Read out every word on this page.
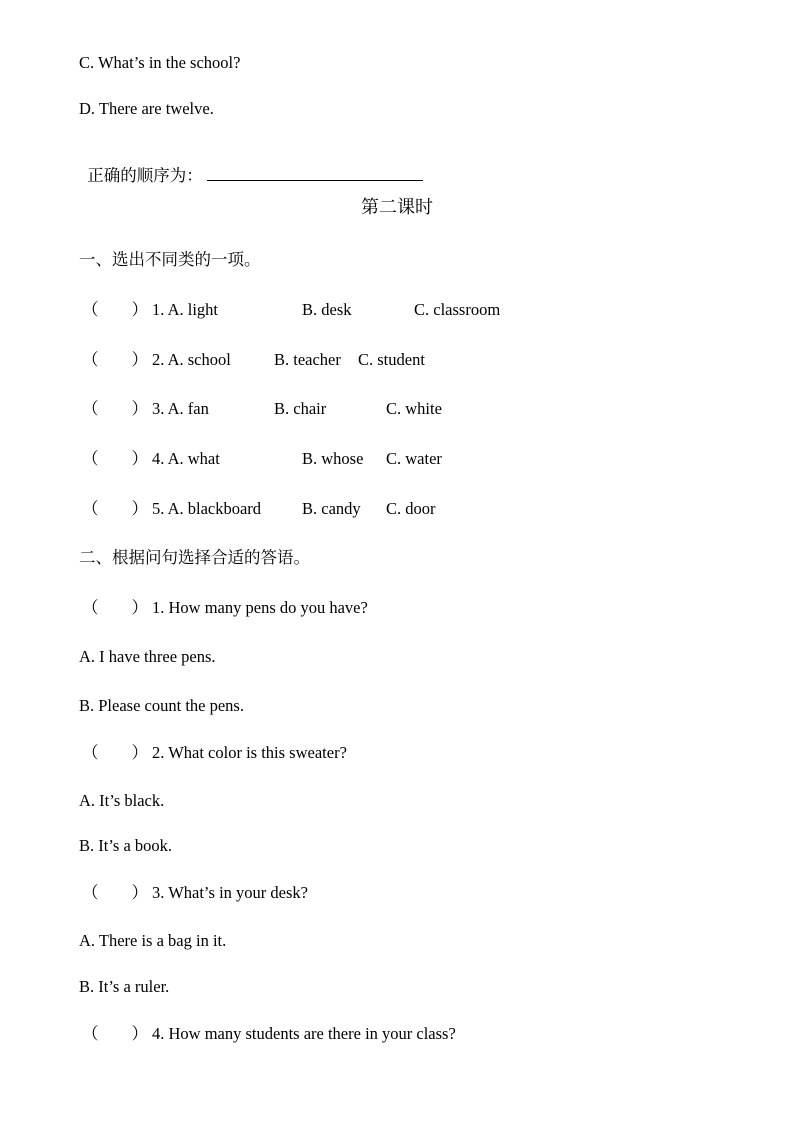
C. What’s in the school?
D. There are twelve.

正确的顺序为：

第二课时
一、选出不同类的一项。
（　　） 1. A. light	B. desk	C. classroom
（　　） 2. A. school	B. teacher C. student
（　　） 3. A. fan	B. chair	C. white
（　　） 4. A. what	B. whose C. water
（　　） 5. A. blackboard B. candy C. door
二、根据问句选择合适的答语。
（　　） 1. How many pens do you have?
A. I have three pens.
B. Please count the pens.
（　　） 2. What color is this sweater?
A. It’s black.
B. It’s a book.
（　　） 3. What’s in your desk?
A. There is a bag in it.
B. It’s a ruler.
（　　） 4. How many students are there in your class?
